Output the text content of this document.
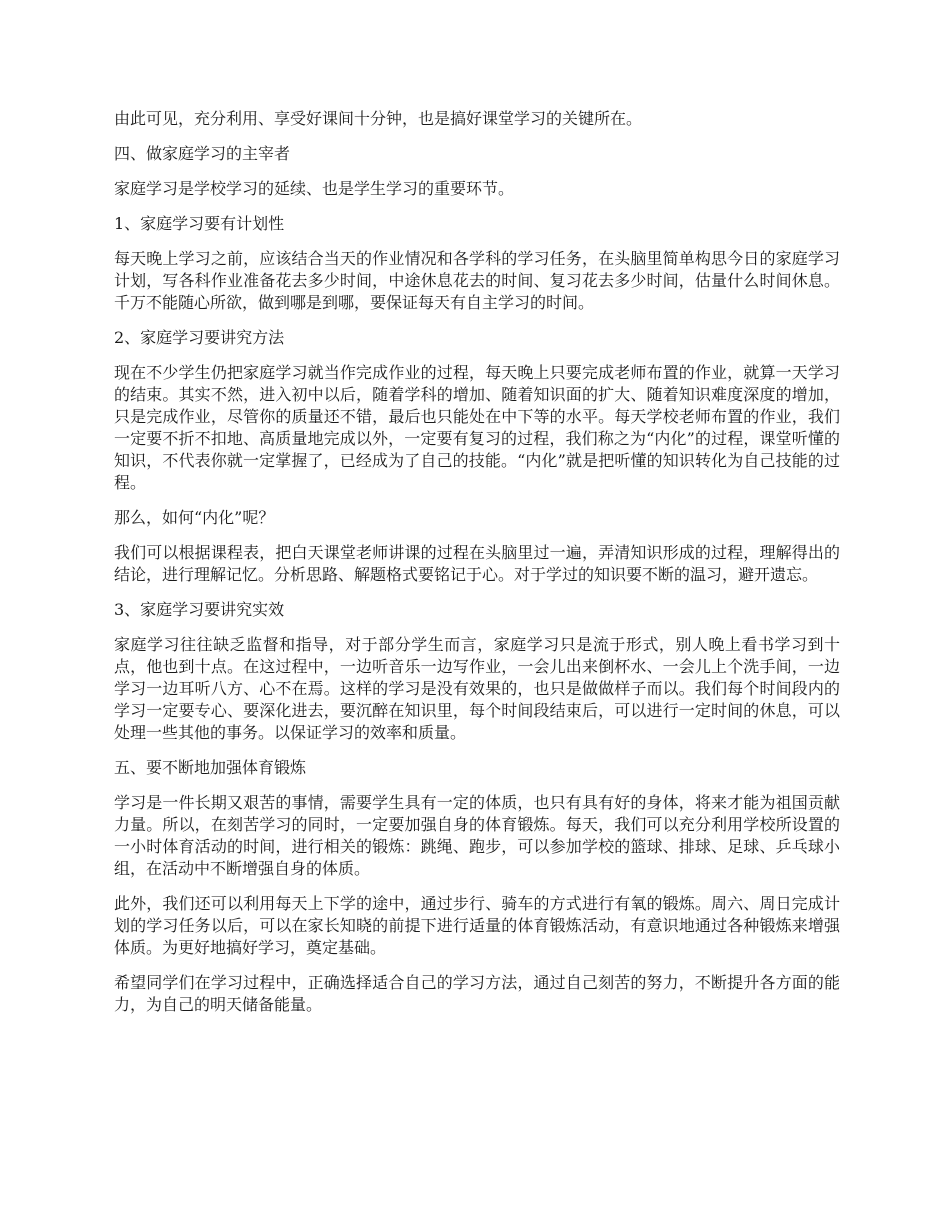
由此可见，充分利用、享受好课间十分钟，也是搞好课堂学习的关键所在。

四、做家庭学习的主宰者

家庭学习是学校学习的延续、也是学生学习的重要环节。

1、家庭学习要有计划性

每天晚上学习之前，应该结合当天的作业情况和各学科的学习任务，在头脑里简单构思今日的家庭学习计划，写各科作业准备花去多少时间，中途休息花去的时间、复习花去多少时间，估量什么时间休息。千万不能随心所欲，做到哪是到哪，要保证每天有自主学习的时间。

2、家庭学习要讲究方法

现在不少学生仍把家庭学习就当作完成作业的过程，每天晚上只要完成老师布置的作业，就算一天学习的结束。其实不然，进入初中以后，随着学科的增加、随着知识面的扩大、随着知识难度深度的增加，只是完成作业，尽管你的质量还不错，最后也只能处在中下等的水平。每天学校老师布置的作业，我们一定要不折不扣地、高质量地完成以外，一定要有复习的过程，我们称之为“内化”的过程，课堂听懂的知识，不代表你就一定掌握了，已经成为了自己的技能。“内化”就是把听懂的知识转化为自己技能的过程。

那么，如何“内化”呢？

我们可以根据课程表，把白天课堂老师讲课的过程在头脑里过一遍，弄清知识形成的过程，理解得出的结论，进行理解记忆。分析思路、解题格式要铭记于心。对于学过的知识要不断的温习，避开遗忘。

3、家庭学习要讲究实效

家庭学习往往缺乏监督和指导，对于部分学生而言，家庭学习只是流于形式，别人晚上看书学习到十点，他也到十点。在这过程中，一边听音乐一边写作业，一会儿出来倒杯水、一会儿上个洗手间，一边学习一边耳听八方、心不在焉。这样的学习是没有效果的，也只是做做样子而以。我们每个时间段内的学习一定要专心、要深化进去，要沉醉在知识里，每个时间段结束后，可以进行一定时间的休息，可以处理一些其他的事务。以保证学习的效率和质量。

五、要不断地加强体育锻炼

学习是一件长期又艰苦的事情，需要学生具有一定的体质，也只有具有好的身体，将来才能为祖国贡献力量。所以，在刻苦学习的同时，一定要加强自身的体育锻炼。每天，我们可以充分利用学校所设置的一小时体育活动的时间，进行相关的锻炼：跳绳、跑步，可以参加学校的篮球、排球、足球、乒乓球小组，在活动中不断增强自身的体质。

此外，我们还可以利用每天上下学的途中，通过步行、骑车的方式进行有氧的锻炼。周六、周日完成计划的学习任务以后，可以在家长知晓的前提下进行适量的体育锻炼活动，有意识地通过各种锻炼来增强体质。为更好地搞好学习，奠定基础。

希望同学们在学习过程中，正确选择适合自己的学习方法，通过自己刻苦的努力，不断提升各方面的能力，为自己的明天储备能量。
